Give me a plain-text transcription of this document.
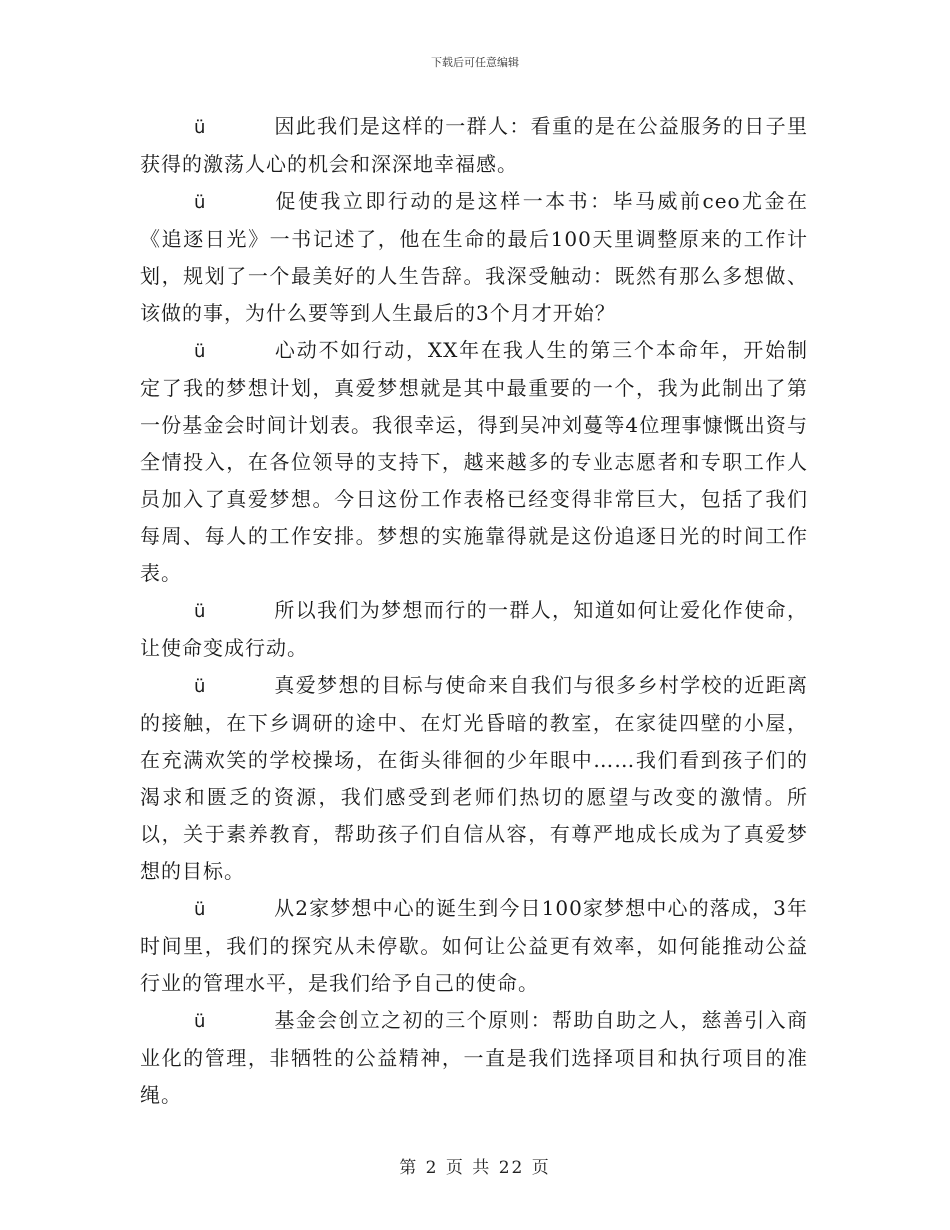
下载后可任意编辑

ü	因此我们是这样的一群人：看重的是在公益服务的日子里获得的激荡人心的机会和深深地幸福感。

ü	促使我立即行动的是这样一本书：毕马威前ceo尤金在《追逐日光》一书记述了，他在生命的最后100天里调整原来的工作计划，规划了一个最美好的人生告辞。我深受触动：既然有那么多想做、该做的事，为什么要等到人生最后的3个月才开始？

ü	心动不如行动，XX年在我人生的第三个本命年，开始制定了我的梦想计划，真爱梦想就是其中最重要的一个，我为此制出了第一份基金会时间计划表。我很幸运，得到吴冲刘蔓等4位理事慷慨出资与全情投入，在各位领导的支持下，越来越多的专业志愿者和专职工作人员加入了真爱梦想。今日这份工作表格已经变得非常巨大，包括了我们每周、每人的工作安排。梦想的实施靠得就是这份追逐日光的时间工作表。

ü	所以我们为梦想而行的一群人，知道如何让爱化作使命，让使命变成行动。

ü	真爱梦想的目标与使命来自我们与很多乡村学校的近距离的接触，在下乡调研的途中、在灯光昏暗的教室，在家徒四壁的小屋，在充满欢笑的学校操场，在街头徘徊的少年眼中……我们看到孩子们的渴求和匮乏的资源，我们感受到老师们热切的愿望与改变的激情。所以，关于素养教育，帮助孩子们自信从容，有尊严地成长成为了真爱梦想的目标。

ü	从2家梦想中心的诞生到今日100家梦想中心的落成，3年时间里，我们的探究从未停歇。如何让公益更有效率，如何能推动公益行业的管理水平，是我们给予自己的使命。

ü	基金会创立之初的三个原则：帮助自助之人，慈善引入商业化的管理，非牺牲的公益精神，一直是我们选择项目和执行项目的准绳。

第 2 页 共 22 页
